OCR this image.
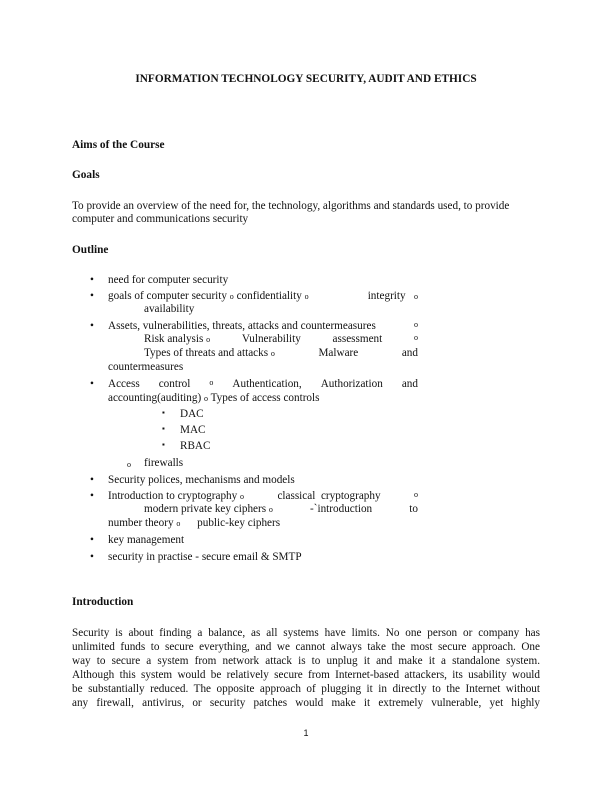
INFORMATION TECHNOLOGY SECURITY, AUDIT AND ETHICS
Aims of the Course
Goals
To provide an overview of the need for, the technology, algorithms and standards used, to provide
computer and communications security
Outline
• need for computer security
• goals of computer security o confidentiality o	integrity o
availability
• Assets, vulnerabilities, threats, attacks and countermeasures	o
Risk analysis o	Vulnerability	assessment	o
Types of threats and attacks o	Malware	and
countermeasures
• Access control o Authentication, Authorization and
accounting(auditing) o Types of access controls
▪ DAC
▪ MAC
▪ RBAC
o firewalls
• Security polices, mechanisms and models
• Introduction to cryptography o	classical cryptography	o
modern private key ciphers o	-`introduction	to
number theory o public-key ciphers
• key management
• security in practise - secure email & SMTP
Introduction
Security is about finding a balance, as all systems have limits. No one person or company has
unlimited funds to secure everything, and we cannot always take the most secure approach. One
way to secure a system from network attack is to unplug it and make it a standalone system.
Although this system would be relatively secure from Internet-based attackers, its usability would
be substantially reduced. The opposite approach of plugging it in directly to the Internet without
any firewall, antivirus, or security patches would make it extremely vulnerable, yet highly
1
